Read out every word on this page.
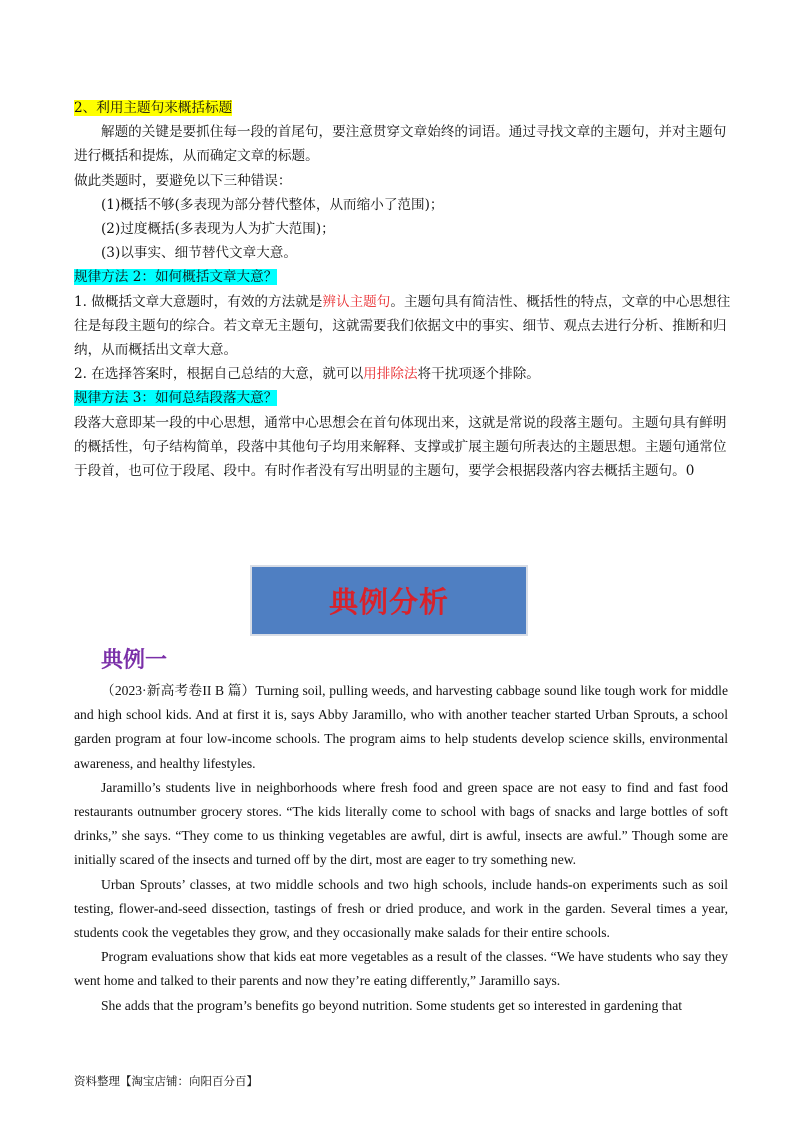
2、利用主题句来概括标题

解题的关键是要抓住每一段的首尾句，要注意贯穿文章始终的词语。通过寻找文章的主题句，并对主题句进行概括和提炼，从而确定文章的标题。

做此类题时，要避免以下三种错误：

(1)概括不够(多表现为部分替代整体，从而缩小了范围)；

(2)过度概括(多表现为人为扩大范围)；

(3)以事实、细节替代文章大意。

规律方法 2：如何概括文章大意？

1. 做概括文章大意题时，有效的方法就是辨认主题句。主题句具有简洁性、概括性的特点，文章的中心思想往往是每段主题句的综合。若文章无主题句，这就需要我们依据文中的事实、细节、观点去进行分析、推断和归纳，从而概括出文章大意。

2. 在选择答案时，根据自己总结的大意，就可以用排除法将干扰项逐个排除。

规律方法 3：如何总结段落大意？

段落大意即某一段的中心思想，通常中心思想会在首句体现出来，这就是常说的段落主题句。主题句具有鲜明的概括性，句子结构简单，段落中其他句子均用来解释、支撑或扩展主题句所表达的主题思想。主题句通常位于段首，也可位于段尾、段中。有时作者没有写出明显的主题句，要学会根据段落内容去概括主题句。0

典例分析
典例一

（2023·新高考卷II B 篇）Turning soil, pulling weeds, and harvesting cabbage sound like tough work for middle and high school kids. And at first it is, says Abby Jaramillo, who with another teacher started Urban Sprouts, a school garden program at four low-income schools. The program aims to help students develop science skills, environmental awareness, and healthy lifestyles.

Jaramillo’s students live in neighborhoods where fresh food and green space are not easy to find and fast food restaurants outnumber grocery stores. “The kids literally come to school with bags of snacks and large bottles of soft drinks,” she says. “They come to us thinking vegetables are awful, dirt is awful, insects are awful.” Though some are initially scared of the insects and turned off by the dirt, most are eager to try something new.

Urban Sprouts’ classes, at two middle schools and two high schools, include hands-on experiments such as soil testing, flower-and-seed dissection, tastings of fresh or dried produce, and work in the garden. Several times a year, students cook the vegetables they grow, and they occasionally make salads for their entire schools.

Program evaluations show that kids eat more vegetables as a result of the classes. “We have students who say they went home and talked to their parents and now they’re eating differently,” Jaramillo says.

She adds that the program’s benefits go beyond nutrition. Some students get so interested in gardening that

资料整理【淘宝店铺：向阳百分百】
